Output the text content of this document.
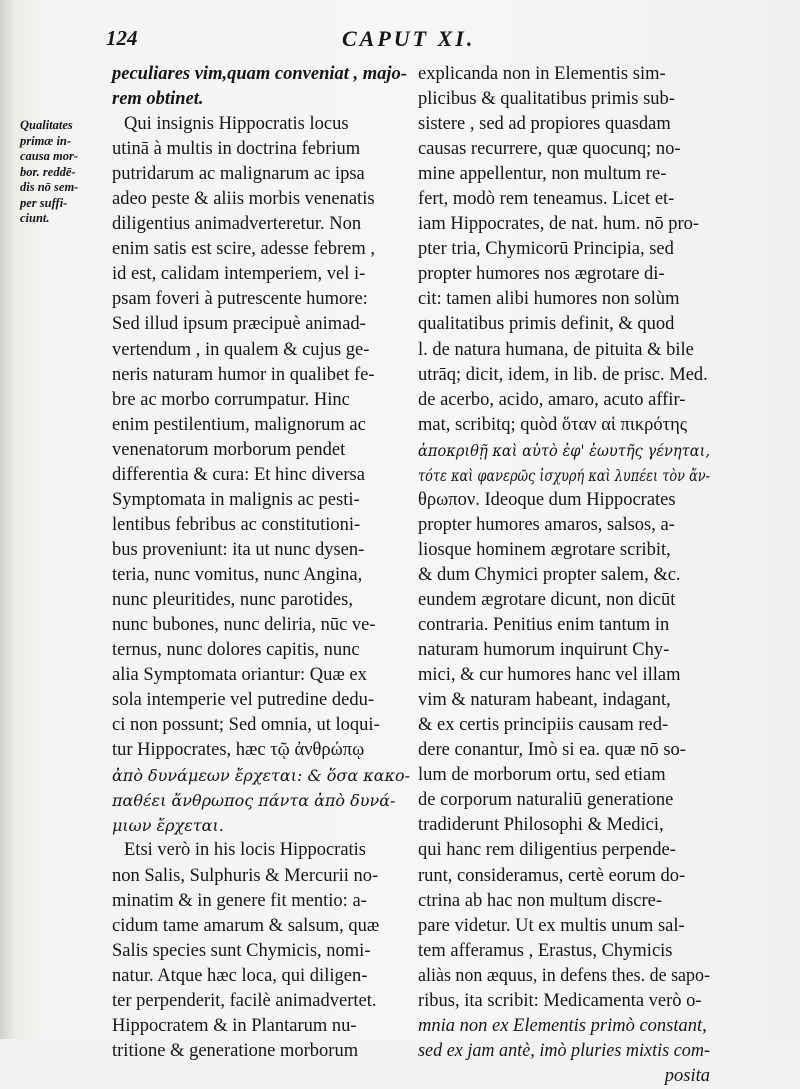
124	CAPUT XI.
Qualitates
primæ in-
causa mor-
bor. reddē-
dis nō sem-
per suffi-
ciunt.
peculiares vim,quam conveniat , majo-
rem obtinet.
Qui insignis Hippocratis locus
utinā à multis in doctrina febrium
putridarum ac malignarum ac ipsa
adeo peste & aliis morbis venenatis
diligentius animadverteretur. Non
enim satis est scire, adesse febrem ,
id est, calidam intemperiem, vel i-
psam foveri à putrescente humore:
Sed illud ipsum præcipuè animad-
vertendum , in qualem & cujus ge-
neris naturam humor in qualibet fe-
bre ac morbo corrumpatur. Hinc
enim pestilentium, malignorum ac
venenatorum morborum pendet
differentia & cura: Et hinc diversa
Symptomata in malignis ac pesti-
lentibus febribus ac constitutioni-
bus proveniunt: ita ut nunc dysen-
teria, nunc vomitus, nunc Angina,
nunc pleuritides, nunc parotides,
nunc bubones, nunc deliria, nūc ve-
ternus, nunc dolores capitis, nunc
alia Symptomata oriantur: Quæ ex
sola intemperie vel putredine dedu-
ci non possunt; Sed omnia, ut loqui-
tur Hippocrates, hæc τῷ ἀνθρώπῳ
ἀπὸ δυνάμεων ἔρχεται: & ὅσα κακο-
παθέει ἄνθρωπος πάντα ἀπὸ δυνά-
μιων ἔρχεται.
Etsi verò in his locis Hippocratis
non Salis, Sulphuris & Mercurii no-
minatim & in genere fit mentio: a-
cidum tame amarum & salsum, quæ
Salis species sunt Chymicis, nomi-
natur. Atque hæc loca, qui diligen-
ter perpenderit, facilè animadvertet.
Hippocratem & in Plantarum nu-
tritione & generatione morborum
explicanda non in Elementis sim-
plicibus & qualitatibus primis sub-
sistere , sed ad propiores quasdam
causas recurrere, quæ quocunq; no-
mine appellentur, non multum re-
fert, modò rem teneamus. Licet et-
iam Hippocrates, de nat. hum. nō pro-
pter tria, Chymicorū Principia, sed
propter humores nos ægrotare di-
cit: tamen alibi humores non solùm
qualitatibus primis definit, & quod
l. de natura humana, de pituita & bile
utrāq; dicit, idem, in lib. de prisc. Med.
de acerbo, acido, amaro, acuto affir-
mat, scribitq; quòd ὅταν αἱ πικρότης
ἀποκριθῇ καὶ αὐτὸ ἐφ' ἑωυτῆς γένηται,
τότε καὶ φανερῶς ἰσχυρή καὶ λυπέει τὸν ἄν-
θρωπον. Ideoque dum Hippocrates
propter humores amaros, salsos, a-
liosque hominem ægrotare scribit,
& dum Chymici propter salem, &c.
eundem ægrotare dicunt, non dicūt
contraria. Penitius enim tantum in
naturam humorum inquirunt Chy-
mici, & cur humores hanc vel illam
vim & naturam habeant, indagant,
& ex certis principiis causam red-
dere conantur, Imò si ea. quæ nō so-
lum de morborum ortu, sed etiam
de corporum naturaliū generatione
tradiderunt Philosophi & Medici,
qui hanc rem diligentius perpende-
runt, consideramus, certè eorum do-
ctrina ab hac non multum discre-
pare videtur. Ut ex multis unum sal-
tem afferamus , Erastus, Chymicis
aliàs non æquus, in defens thes. de sapo-
ribus, ita scribit: Medicamenta verò o-
mnia non ex Elementis primò constant,
sed ex jam antè, imò pluries mixtis com-
posita
